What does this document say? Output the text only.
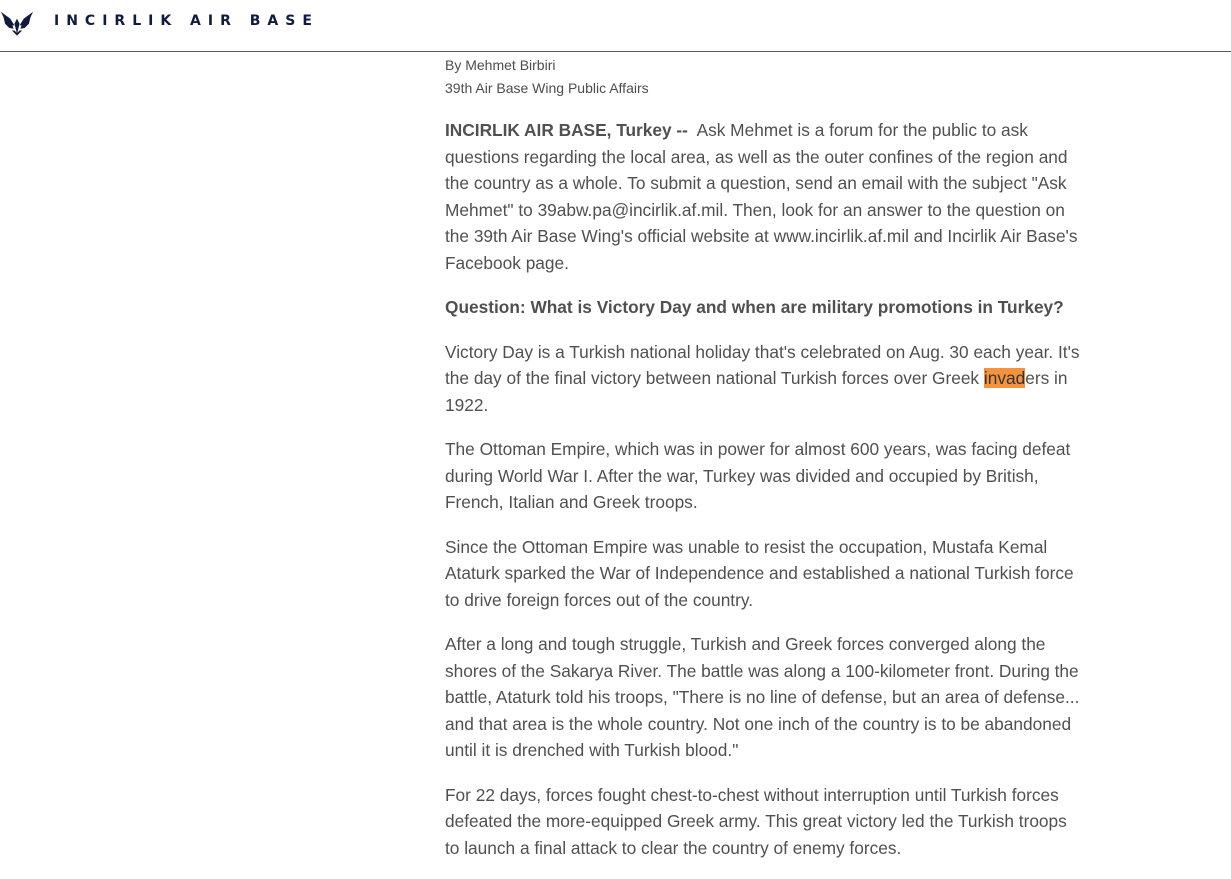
INCIRLIK AIR BASE
By Mehmet Birbiri
39th Air Base Wing Public Affairs

INCIRLIK AIR BASE, Turkey -- Ask Mehmet is a forum for the public to ask questions regarding the local area, as well as the outer confines of the region and the country as a whole. To submit a question, send an email with the subject "Ask Mehmet" to 39abw.pa@incirlik.af.mil. Then, look for an answer to the question on the 39th Air Base Wing's official website at www.incirlik.af.mil and Incirlik Air Base's Facebook page.

Question: What is Victory Day and when are military promotions in Turkey?

Victory Day is a Turkish national holiday that's celebrated on Aug. 30 each year. It's the day of the final victory between national Turkish forces over Greek invaders in 1922.

The Ottoman Empire, which was in power for almost 600 years, was facing defeat during World War I. After the war, Turkey was divided and occupied by British, French, Italian and Greek troops.

Since the Ottoman Empire was unable to resist the occupation, Mustafa Kemal Ataturk sparked the War of Independence and established a national Turkish force to drive foreign forces out of the country.

After a long and tough struggle, Turkish and Greek forces converged along the shores of the Sakarya River. The battle was along a 100-kilometer front. During the battle, Ataturk told his troops, "There is no line of defense, but an area of defense... and that area is the whole country. Not one inch of the country is to be abandoned until it is drenched with Turkish blood."

For 22 days, forces fought chest-to-chest without interruption until Turkish forces defeated the more-equipped Greek army. This great victory led the Turkish troops to launch a final attack to clear the country of enemy forces.
